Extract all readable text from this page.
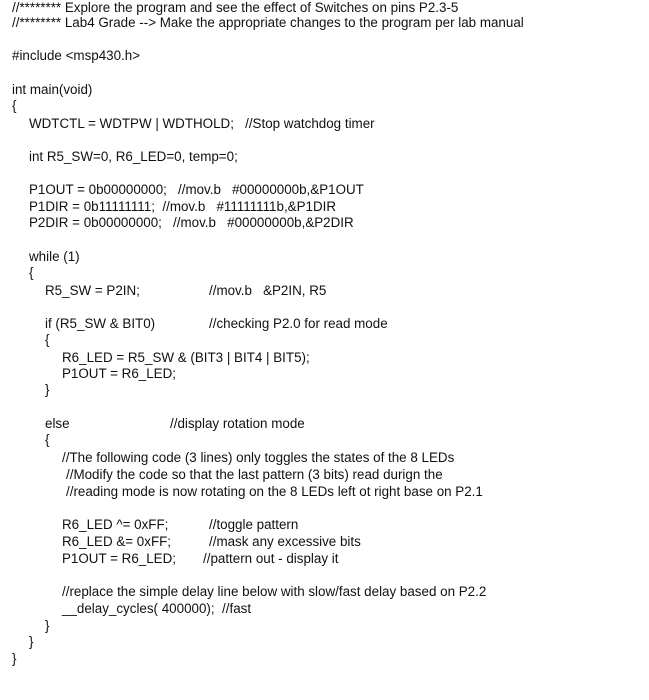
//******** Explore the program and see the effect of Switches on pins P2.3-5
//******** Lab4 Grade --> Make the appropriate changes to the program per lab manual
#include <msp430.h>
int main(void)
{
WDTCTL = WDTPW | WDTHOLD;   //Stop watchdog timer
int R5_SW=0, R6_LED=0, temp=0;
P1OUT = 0b00000000;   //mov.b   #00000000b,&P1OUT
P1DIR = 0b11111111;  //mov.b   #11111111b,&P1DIR
P2DIR = 0b00000000;   //mov.b   #00000000b,&P2DIR
while (1)
{
R5_SW = P2IN;	//mov.b   &P2IN, R5
if (R5_SW & BIT0)	//checking P2.0 for read mode
{
R6_LED = R5_SW & (BIT3 | BIT4 | BIT5);
P1OUT = R6_LED;
}
else	//display rotation mode
{
//The following code (3 lines) only toggles the states of the 8 LEDs
//Modify the code so that the last pattern (3 bits) read durign the
//reading mode is now rotating on the 8 LEDs left ot right base on P2.1
R6_LED ^= 0xFF;	//toggle pattern
R6_LED &= 0xFF;	//mask any excessive bits
P1OUT = R6_LED; //pattern out - display it
//replace the simple delay line below with slow/fast delay based on P2.2
__delay_cycles( 400000);  //fast
}
}
}
